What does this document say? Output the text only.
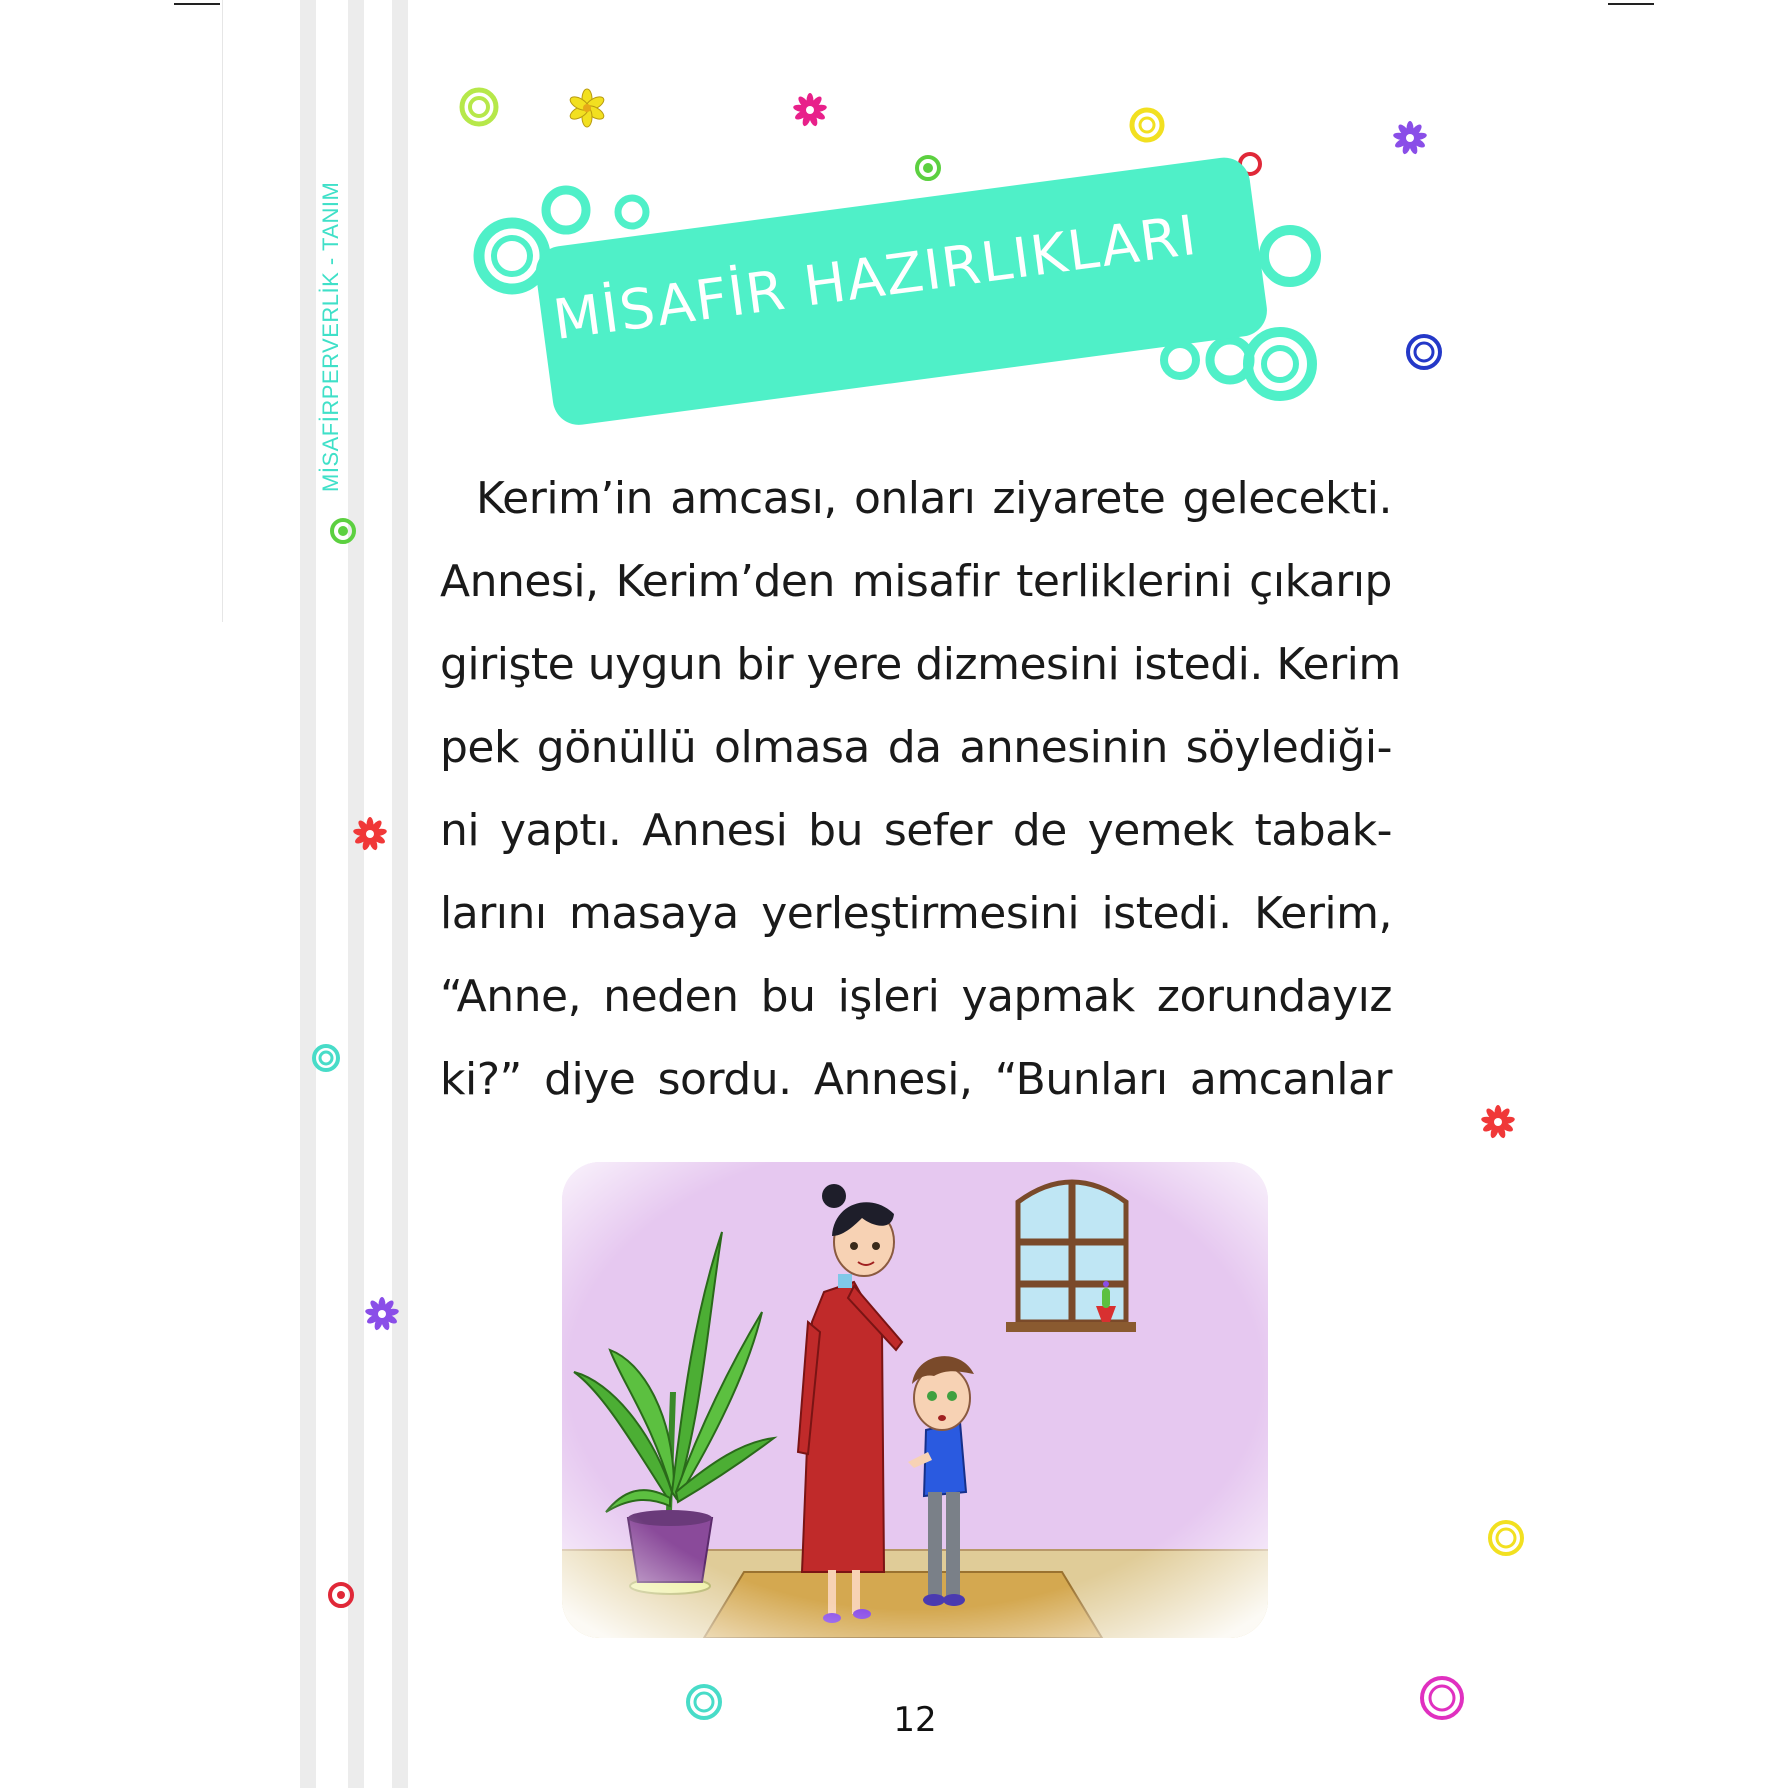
MİSAFİRPERVERLİK - TANIM	MİSAFİR HAZIRLIKLARI
Kerim’in amcası, onları ziyarete gelecekti.
Annesi, Kerim’den misafir terliklerini çıkarıp
girişte uygun bir yere dizmesini istedi. Kerim
pek gönüllü olmasa da annesinin söylediği-
ni yaptı. Annesi bu sefer de yemek tabak-
larını masaya yerleştirmesini istedi. Kerim,
“Anne, neden bu işleri yapmak zorundayız
ki?” diye sordu. Annesi, “Bunları amcanlar
12
